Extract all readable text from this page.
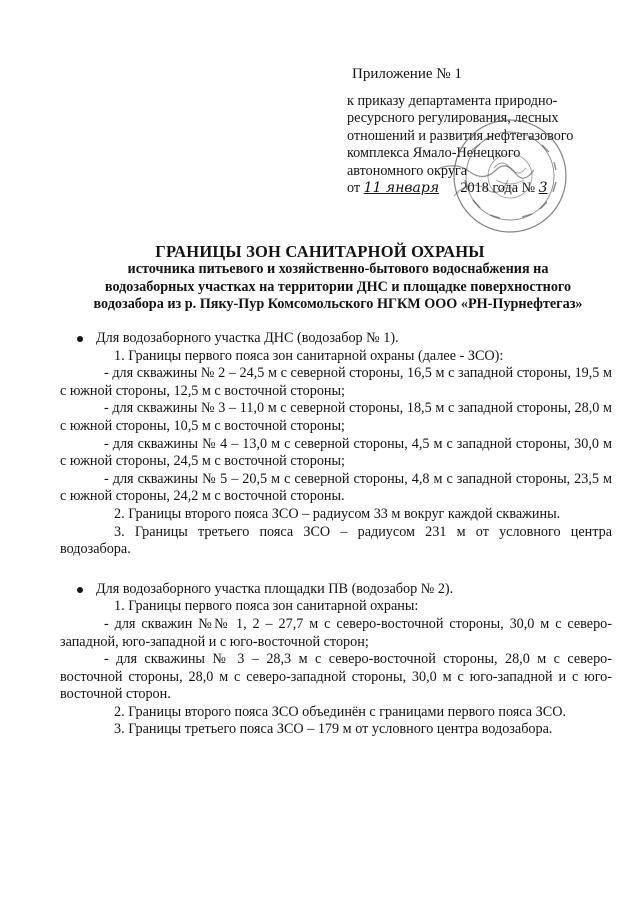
Приложение № 1
к приказу департамента природно-
ресурсного регулирования, лесных
отношений и развития нефтегазового
комплекса Ямало-Ненецкого
автономного округа
от 11 января 2018 года № 3
ГРАНИЦЫ ЗОН САНИТАРНОЙ ОХРАНЫ
источника питьевого и хозяйственно-бытового водоснабжения на
водозаборных участках на территории ДНС и площадке поверхностного
водозабора из р. Пяку-Пур Комсомольского НГКМ ООО «РН-Пурнефтегаз»
Для водозаборного участка ДНС (водозабор № 1).
1. Границы первого пояса зон санитарной охраны (далее - ЗСО):
- для скважины № 2 – 24,5 м с северной стороны, 16,5 м с западной стороны, 19,5 м с южной стороны, 12,5 м с восточной стороны;
- для скважины № 3 – 11,0 м с северной стороны, 18,5 м с западной стороны, 28,0 м с южной стороны, 10,5 м с восточной стороны;
- для скважины № 4 – 13,0 м с северной стороны, 4,5 м с западной стороны, 30,0 м с южной стороны, 24,5 м с восточной стороны;
- для скважины № 5 – 20,5 м с северной стороны, 4,8 м с западной стороны, 23,5 м с южной стороны, 24,2 м с восточной стороны.
2. Границы второго пояса ЗСО – радиусом 33 м вокруг каждой скважины.
3. Границы третьего пояса ЗСО – радиусом 231 м от условного центра водозабора.
Для водозаборного участка площадки ПВ (водозабор № 2).
1. Границы первого пояса зон санитарной охраны:
- для скважин №№ 1, 2 – 27,7 м с северо-восточной стороны, 30,0 м с северо-западной, юго-западной и с юго-восточной сторон;
- для скважины № 3 – 28,3 м с северо-восточной стороны, 28,0 м с северо-восточной стороны, 28,0 м с северо-западной стороны, 30,0 м с юго-западной и с юго-восточной сторон.
2. Границы второго пояса ЗСО объединён с границами первого пояса ЗСО.
3. Границы третьего пояса ЗСО – 179 м от условного центра водозабора.
